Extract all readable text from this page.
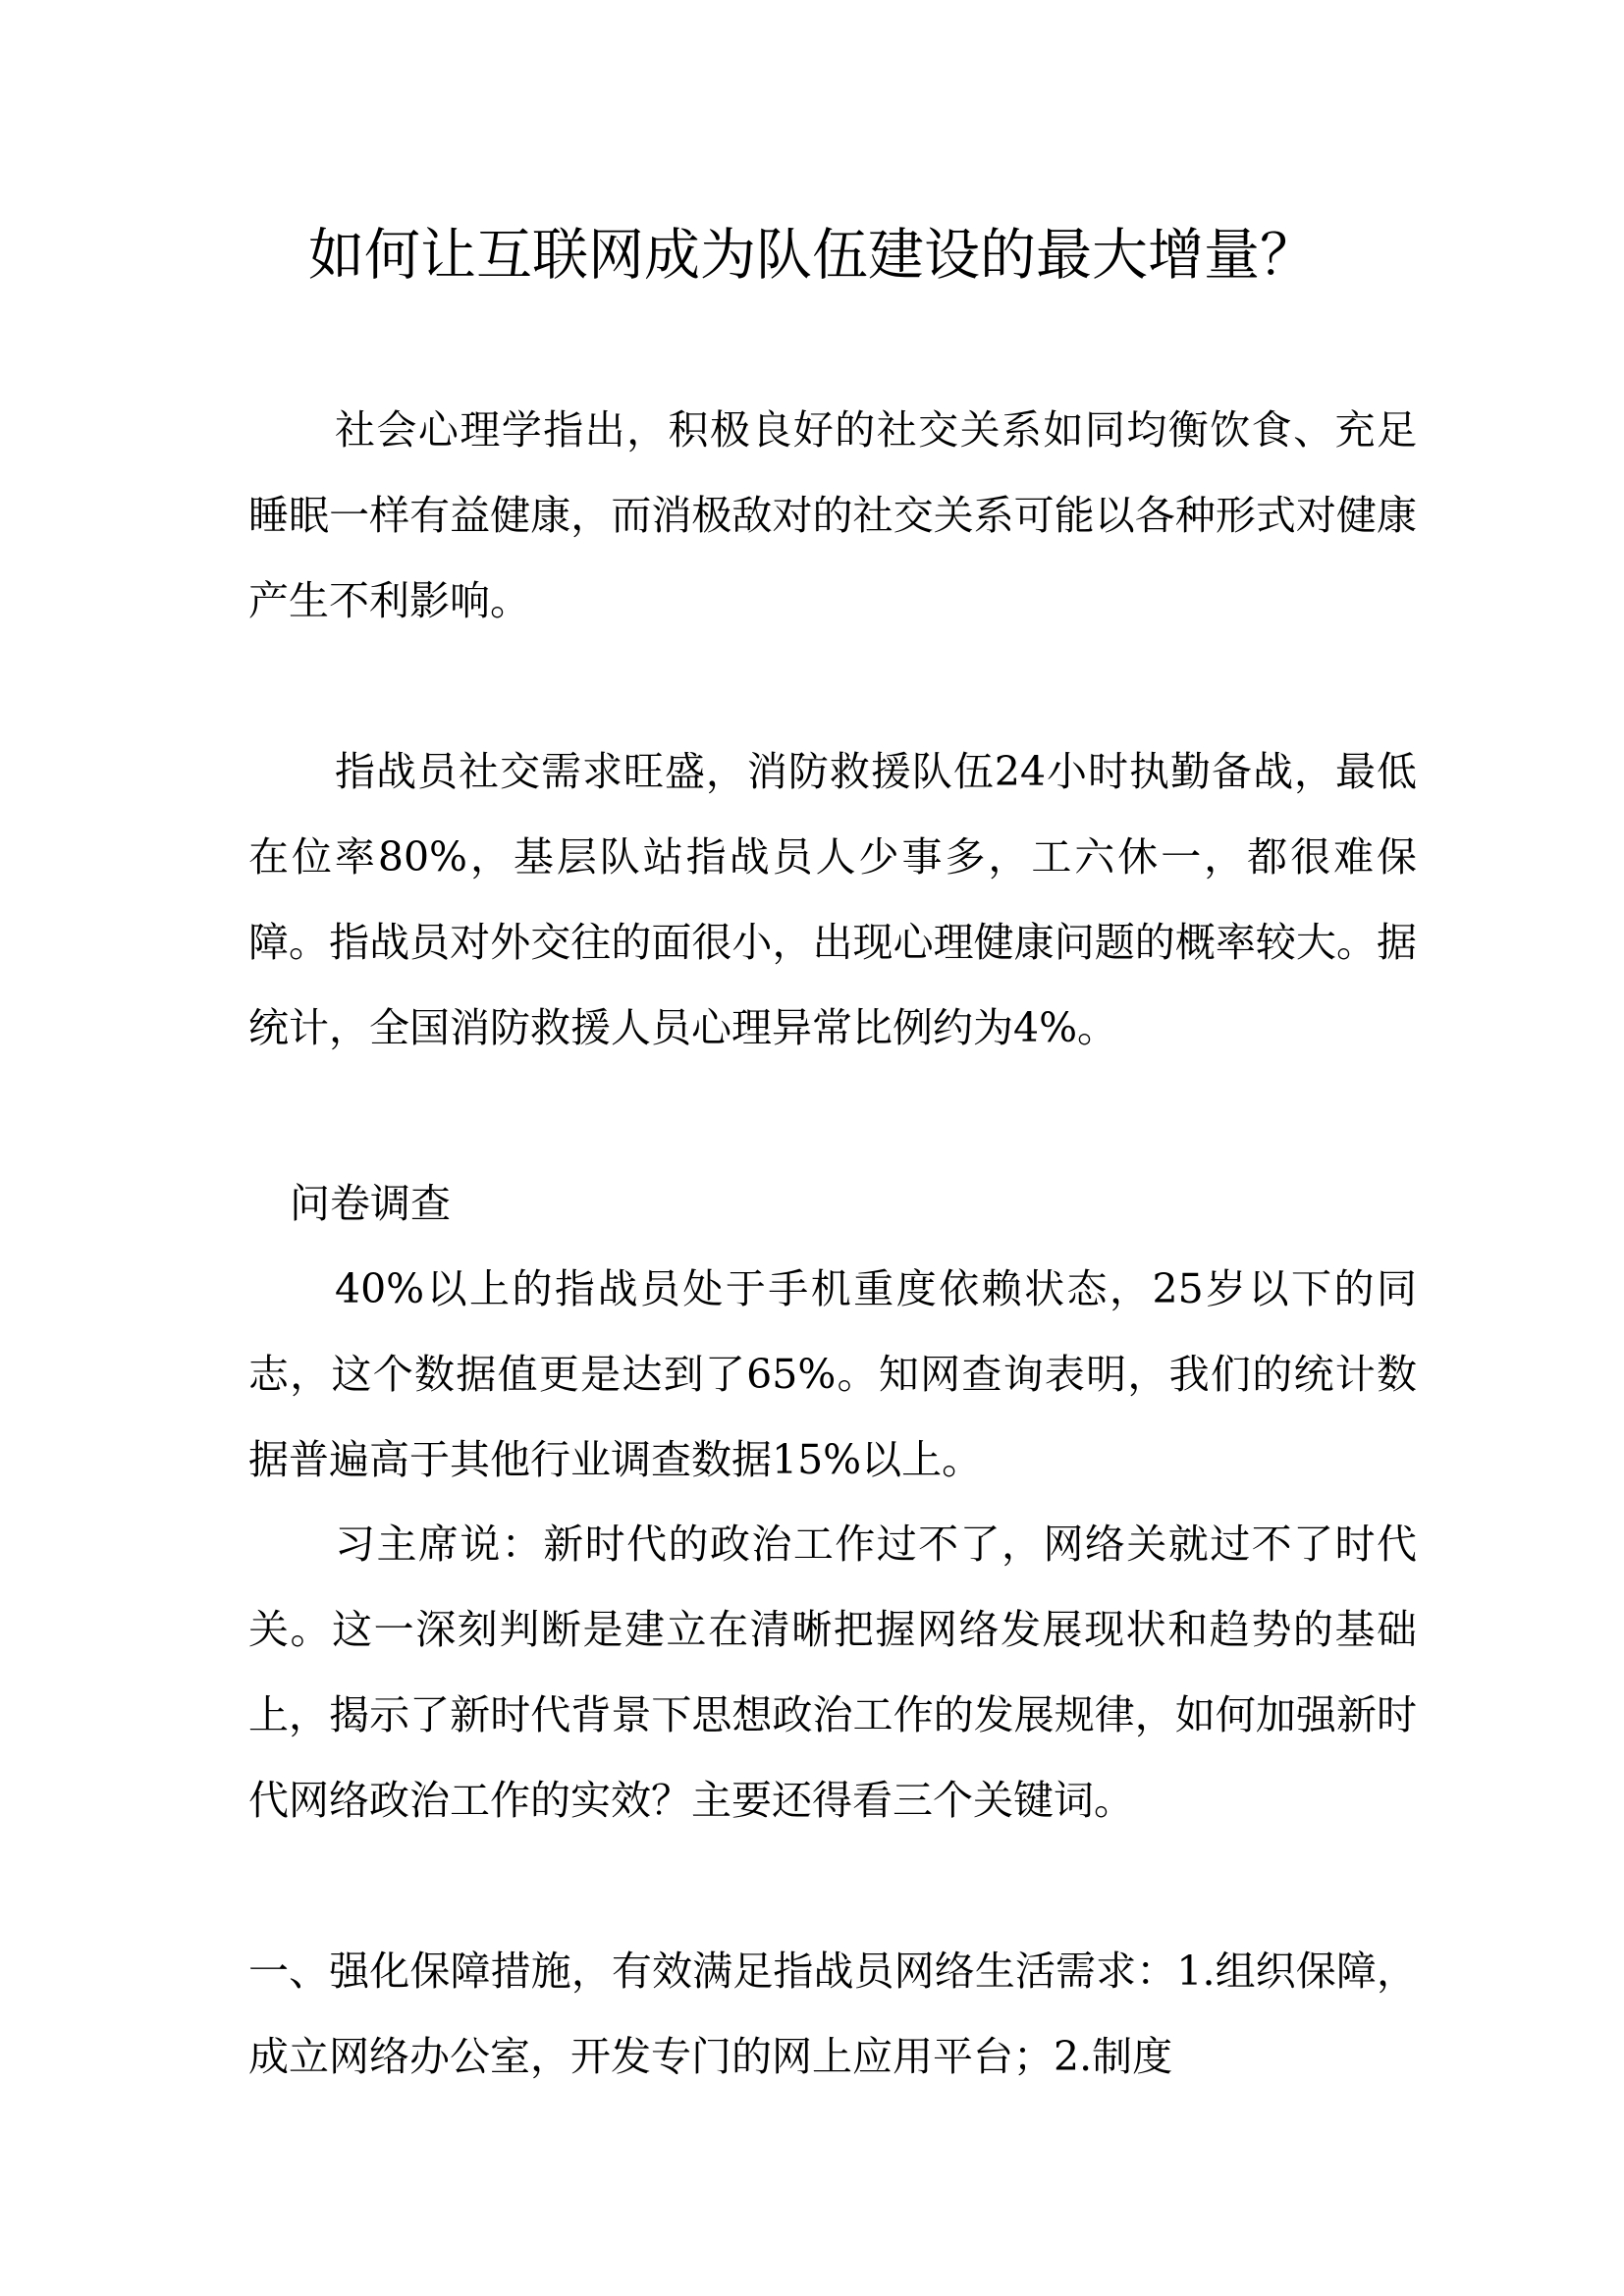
如何让互联网成为队伍建设的最大增量？

社会心理学指出，积极良好的社交关系如同均衡饮食、充足睡眠一样有益健康，而消极敌对的社交关系可能以各种形式对健康产生不利影响。

指战员社交需求旺盛，消防救援队伍24小时执勤备战，最低在位率80%，基层队站指战员人少事多，工六休一，都很难保障。指战员对外交往的面很小，出现心理健康问题的概率较大。据统计，全国消防救援人员心理异常比例约为4%。

问卷调查

40%以上的指战员处于手机重度依赖状态，25岁以下的同志，这个数据值更是达到了65%。知网查询表明，我们的统计数据普遍高于其他行业调查数据15%以上。

习主席说：新时代的政治工作过不了，网络关就过不了时代关。这一深刻判断是建立在清晰把握网络发展现状和趋势的基础上，揭示了新时代背景下思想政治工作的发展规律，如何加强新时代网络政治工作的实效？主要还得看三个关键词。

一、强化保障措施，有效满足指战员网络生活需求：1.组织保障，成立网络办公室，开发专门的网上应用平台；2.制度
